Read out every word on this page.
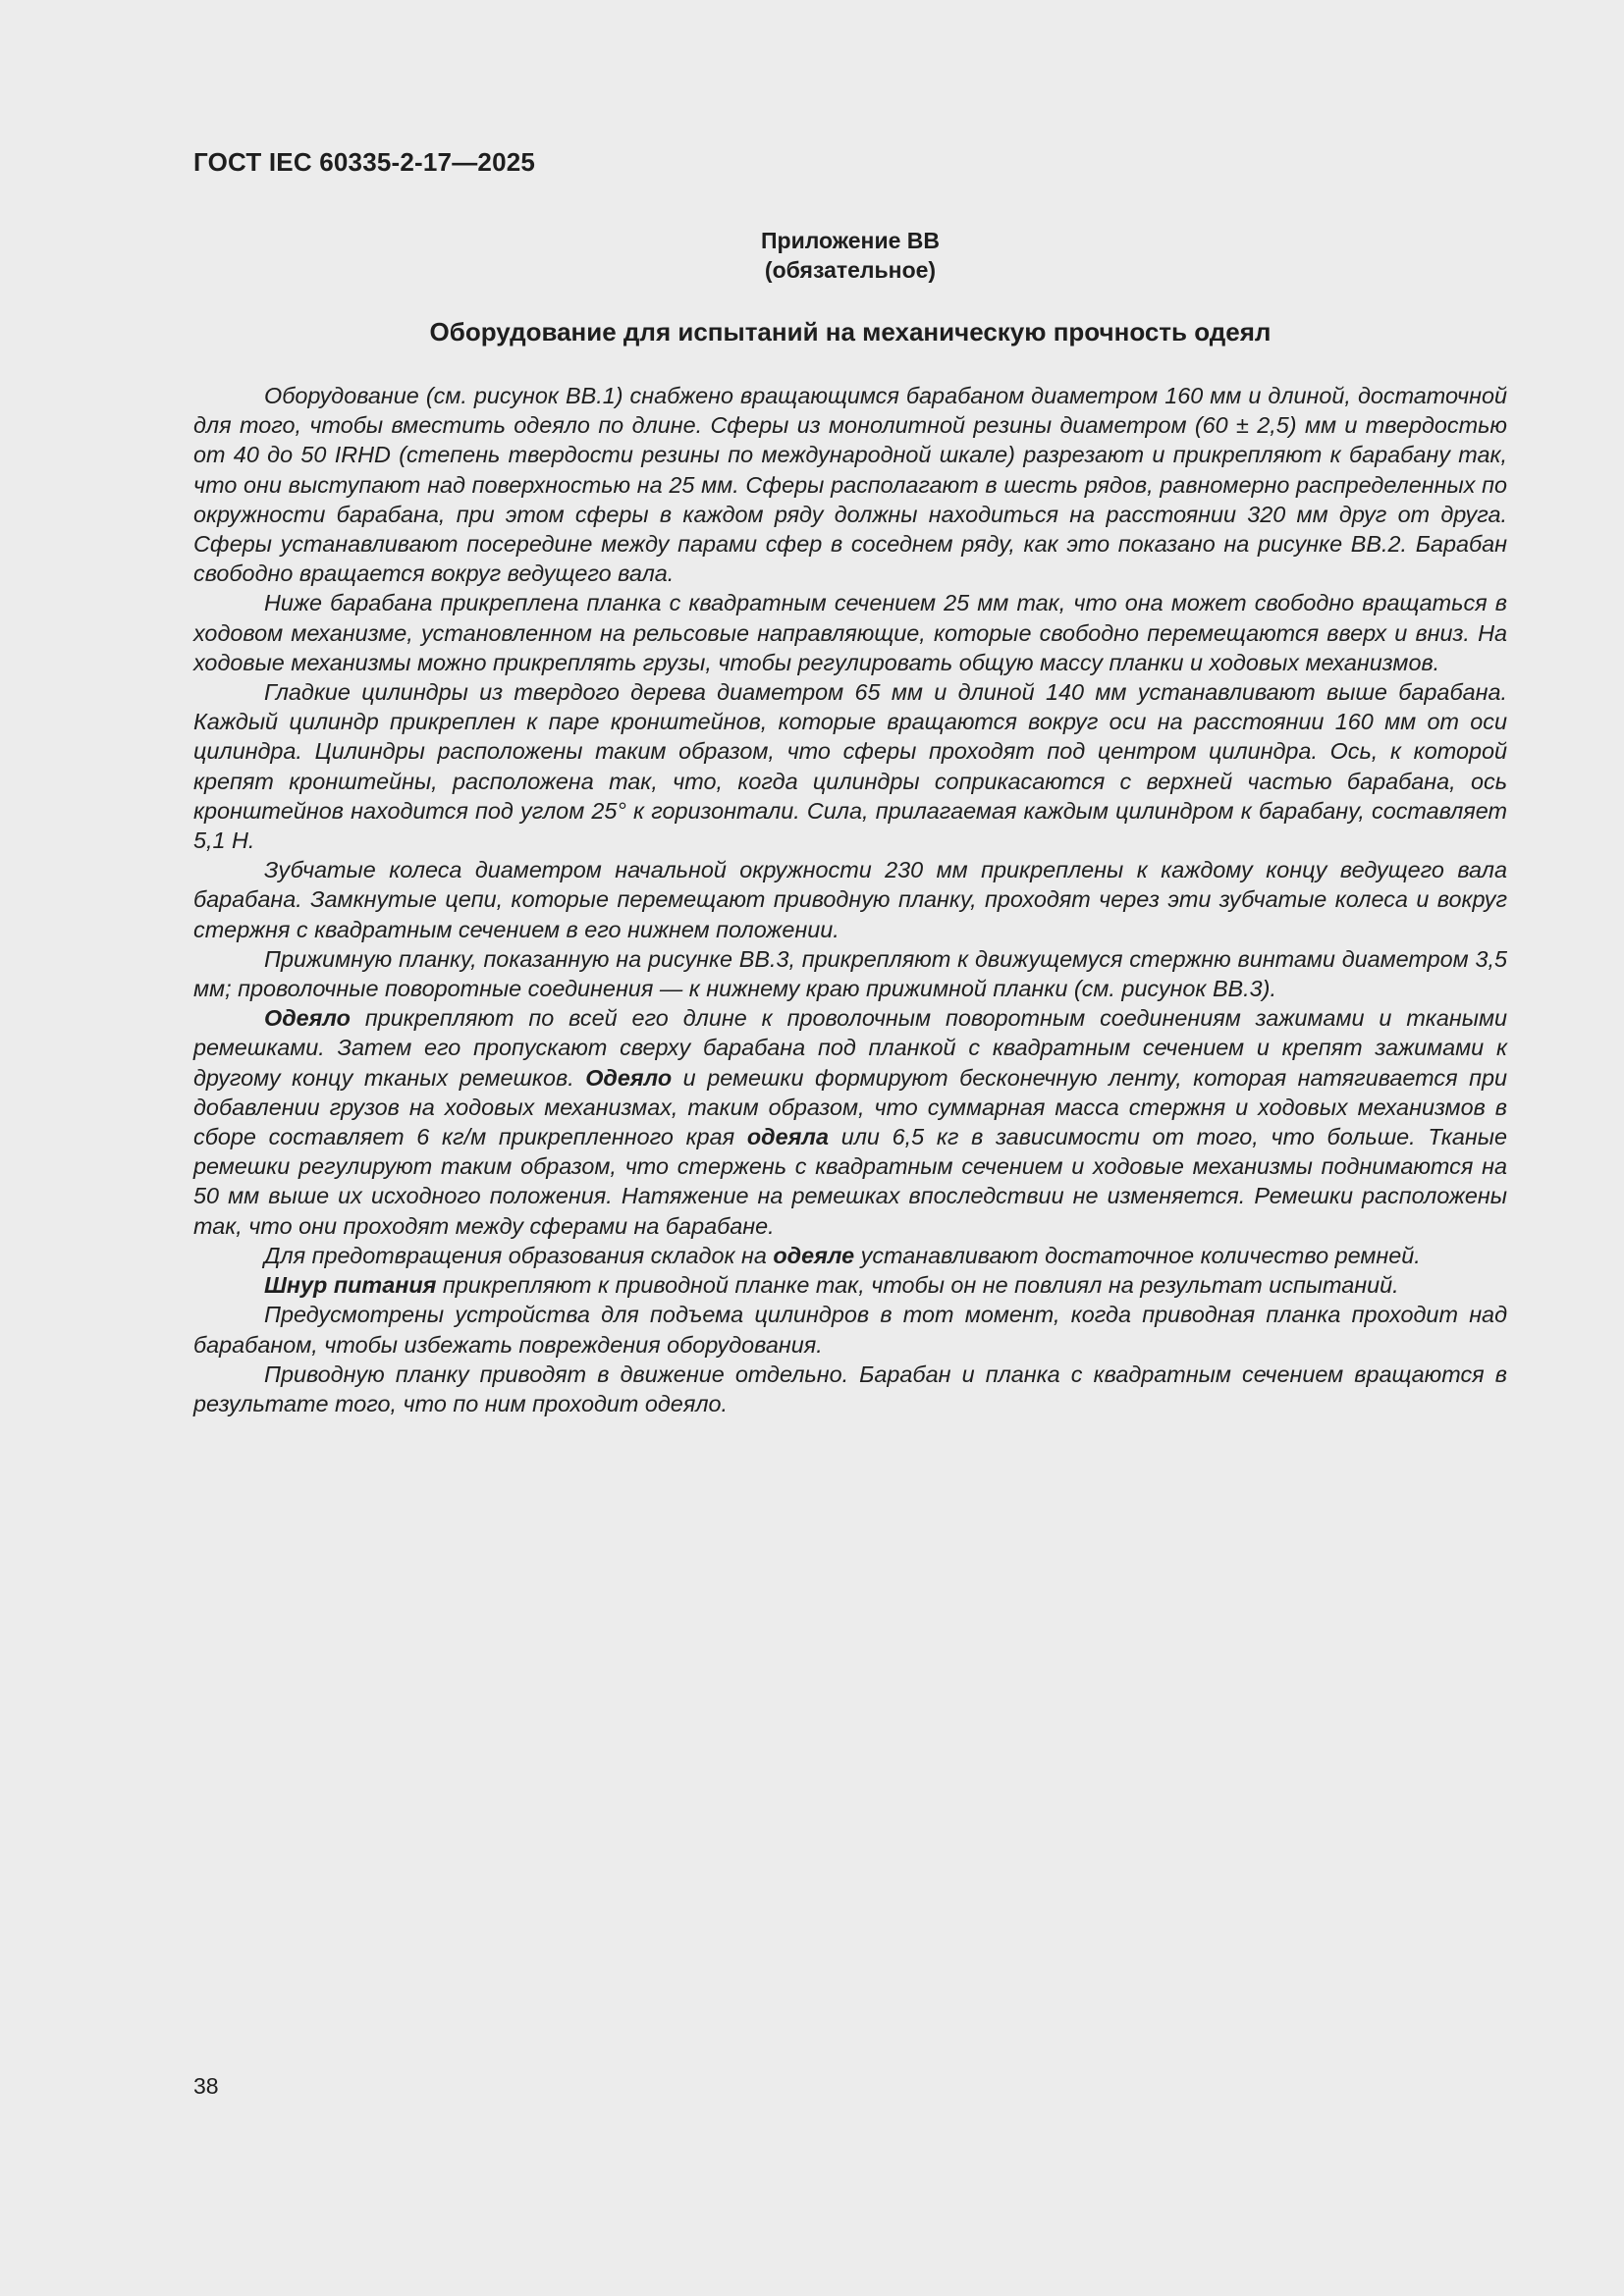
ГОСТ IEC 60335-2-17—2025

Приложение BB

(обязательное)

Оборудование для испытаний на механическую прочность одеял

Оборудование (см. рисунок BB.1) снабжено вращающимся барабаном диаметром 160 мм и длиной, достаточной для того, чтобы вместить одеяло по длине. Сферы из монолитной резины диаметром (60 ± 2,5) мм и твердостью от 40 до 50 IRHD (степень твердости резины по международной шкале) разрезают и прикрепляют к барабану так, что они выступают над поверхностью на 25 мм. Сферы располагают в шесть рядов, равномерно распределенных по окружности барабана, при этом сферы в каждом ряду должны находиться на расстоянии 320 мм друг от друга. Сферы устанавливают посередине между парами сфер в соседнем ряду, как это показано на рисунке BB.2. Барабан свободно вращается вокруг ведущего вала.

Ниже барабана прикреплена планка с квадратным сечением 25 мм так, что она может свободно вращаться в ходовом механизме, установленном на рельсовые направляющие, которые свободно перемещаются вверх и вниз. На ходовые механизмы можно прикреплять грузы, чтобы регулировать общую массу планки и ходовых механизмов.

Гладкие цилиндры из твердого дерева диаметром 65 мм и длиной 140 мм устанавливают выше барабана. Каждый цилиндр прикреплен к паре кронштейнов, которые вращаются вокруг оси на расстоянии 160 мм от оси цилиндра. Цилиндры расположены таким образом, что сферы проходят под центром цилиндра. Ось, к которой крепят кронштейны, расположена так, что, когда цилиндры соприкасаются с верхней частью барабана, ось кронштейнов находится под углом 25° к горизонтали. Сила, прилагаемая каждым цилиндром к барабану, составляет 5,1 Н.

Зубчатые колеса диаметром начальной окружности 230 мм прикреплены к каждому концу ведущего вала барабана. Замкнутые цепи, которые перемещают приводную планку, проходят через эти зубчатые колеса и вокруг стержня с квадратным сечением в его нижнем положении.

Прижимную планку, показанную на рисунке BB.3, прикрепляют к движущемуся стержню винтами диаметром 3,5 мм; проволочные поворотные соединения — к нижнему краю прижимной планки (см. рисунок BB.3).

Одеяло прикрепляют по всей его длине к проволочным поворотным соединениям зажимами и ткаными ремешками. Затем его пропускают сверху барабана под планкой с квадратным сечением и крепят зажимами к другому концу тканых ремешков. Одеяло и ремешки формируют бесконечную ленту, которая натягивается при добавлении грузов на ходовых механизмах, таким образом, что суммарная масса стержня и ходовых механизмов в сборе составляет 6 кг/м прикрепленного края одеяла или 6,5 кг в зависимости от того, что больше. Тканые ремешки регулируют таким образом, что стержень с квадратным сечением и ходовые механизмы поднимаются на 50 мм выше их исходного положения. Натяжение на ремешках впоследствии не изменяется. Ремешки расположены так, что они проходят между сферами на барабане.

Для предотвращения образования складок на одеяле устанавливают достаточное количество ремней.

Шнур питания прикрепляют к приводной планке так, чтобы он не повлиял на результат испытаний.

Предусмотрены устройства для подъема цилиндров в тот момент, когда приводная планка проходит над барабаном, чтобы избежать повреждения оборудования.

Приводную планку приводят в движение отдельно. Барабан и планка с квадратным сечением вращаются в результате того, что по ним проходит одеяло.

38
